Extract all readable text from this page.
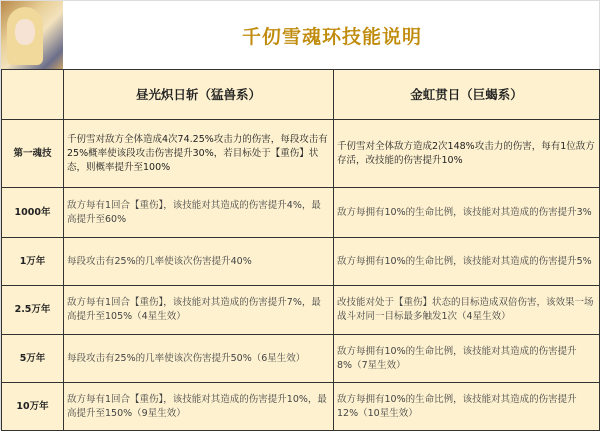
千仞雪魂环技能说明
	昼光炽日斩（猛兽系）	金虹贯日（巨蝎系）
第一魂技	千仞雪对敌方全体造成4次74.25%攻击力的伤害，每段攻击有25%概率使该段攻击伤害提升30%，若目标处于【重伤】状态，则概率提升至100%	千仞雪对全体敌方造成2次148%攻击力的伤害，每有1位敌方存活，改技能的伤害提升10%
1000年	敌方每有1回合【重伤】，该技能对其造成的伤害提升4%，最高提升至60%	敌方每拥有10%的生命比例，该技能对其造成的伤害提升3%
1万年	每段攻击有25%的几率使该次伤害提升40%	敌方每拥有10%的生命比例，该技能对其造成的伤害提升5%
2.5万年	敌方每有1回合【重伤】，该技能对其造成的伤害提升7%，最高提升至105%（4星生效）	改技能对处于【重伤】状态的目标造成双倍伤害，该效果一场战斗对同一目标最多触发1次（4星生效）
5万年	每段攻击有25%的几率使该次伤害提升50%（6星生效）	敌方每拥有10%的生命比例，该技能对其造成的伤害提升8%（7星生效）
10万年	敌方每有1回合【重伤】，该技能对其造成的伤害提升10%，最高提升至150%（9星生效）	敌方每拥有10%的生命比例，该技能对其造成的伤害提升12%（10星生效）
